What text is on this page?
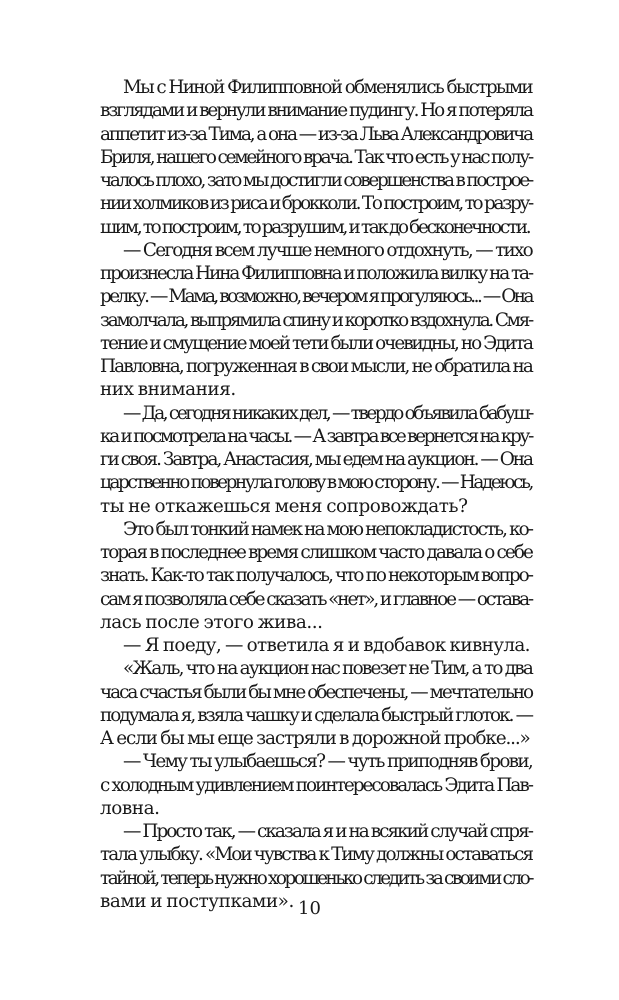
Мы с Ниной Филипповной обменялись быстрыми
взглядами и вернули внимание пудингу. Но я потеряла
аппетит из-за Тима, а она — из-за Льва Александровича
Бриля, нашего семейного врача. Так что есть у нас полу-
чалось плохо, зато мы достигли совершенства в построе-
нии холмиков из риса и брокколи. То построим, то разру-
шим, то построим, то разрушим, и так до бесконечности.
— Сегодня всем лучше немного отдохнуть, — тихо
произнесла Нина Филипповна и положила вилку на та-
релку. — Мама, возможно, вечером я прогуляюсь... — Она
замолчала, выпрямила спину и коротко вздохнула. Смя-
тение и смущение моей тети были очевидны, но Эдита
Павловна, погруженная в свои мысли, не обратила на
них внимания.
— Да, сегодня никаких дел, — твердо объявила бабуш-
ка и посмотрела на часы. — А завтра все вернется на кру-
ги своя. Завтра, Анастасия, мы едем на аукцион. — Она
царственно повернула голову в мою сторону. — Надеюсь,
ты не откажешься меня сопровождать?
Это был тонкий намек на мою непокладистость, ко-
торая в последнее время слишком часто давала о себе
знать. Как-то так получалось, что по некоторым вопро-
сам я позволяла себе сказать «нет», и главное — остава-
лась после этого жива...
— Я поеду, — ответила я и вдобавок кивнула.
«Жаль, что на аукцион нас повезет не Тим, а то два
часа счастья были бы мне обеспечены, — мечтательно
подумала я, взяла чашку и сделала быстрый глоток. —
А если бы мы еще застряли в дорожной пробке...»
— Чему ты улыбаешься? — чуть приподняв брови,
с холодным удивлением поинтересовалась Эдита Пав-
ловна.
— Просто так, — сказала я и на всякий случай спря-
тала улыбку. «Мои чувства к Тиму должны оставаться
тайной, теперь нужно хорошенько следить за своими сло-
вами и поступками». 10
